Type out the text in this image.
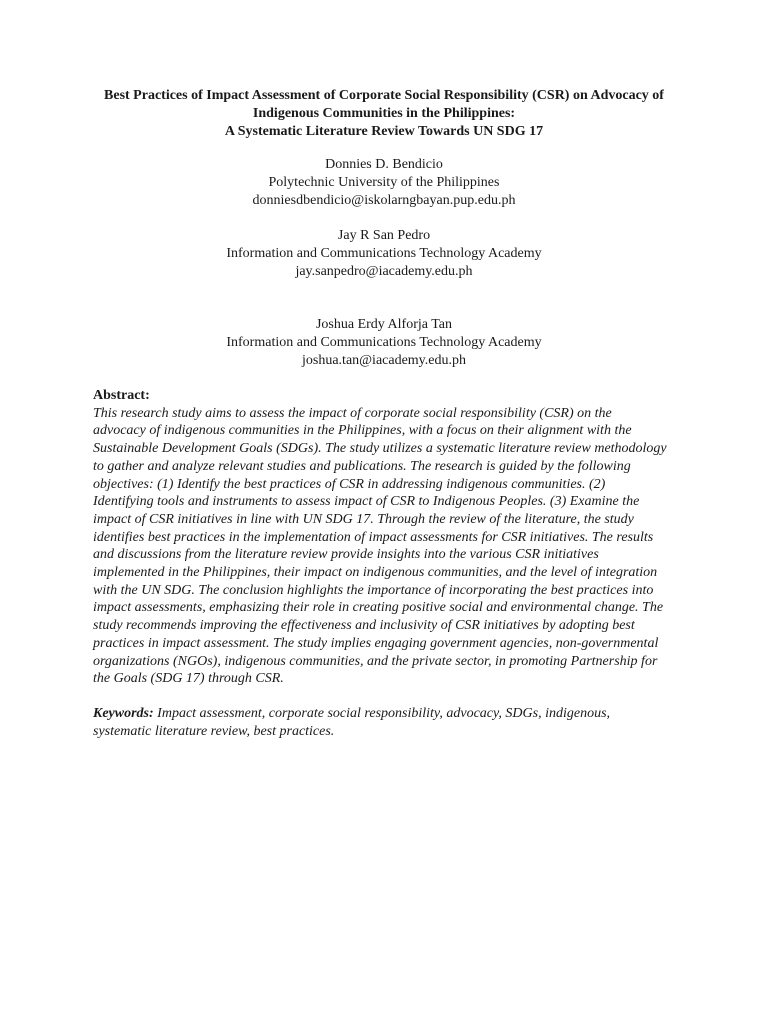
Best Practices of Impact Assessment of Corporate Social Responsibility (CSR) on Advocacy of
Indigenous Communities in the Philippines:
A Systematic Literature Review Towards UN SDG 17
Donnies D. Bendicio
Polytechnic University of the Philippines
donniesdbendicio@iskolarngbayan.pup.edu.ph
Jay R San Pedro
Information and Communications Technology Academy
jay.sanpedro@iacademy.edu.ph
Joshua Erdy Alforja Tan
Information and Communications Technology Academy
joshua.tan@iacademy.edu.ph
Abstract:
This research study aims to assess the impact of corporate social responsibility (CSR) on the
advocacy of indigenous communities in the Philippines, with a focus on their alignment with the
Sustainable Development Goals (SDGs). The study utilizes a systematic literature review methodology
to gather and analyze relevant studies and publications. The research is guided by the following
objectives: (1) Identify the best practices of CSR in addressing indigenous communities. (2)
Identifying tools and instruments to assess impact of CSR to Indigenous Peoples. (3) Examine the
impact of CSR initiatives in line with UN SDG 17. Through the review of the literature, the study
identifies best practices in the implementation of impact assessments for CSR initiatives. The results
and discussions from the literature review provide insights into the various CSR initiatives
implemented in the Philippines, their impact on indigenous communities, and the level of integration
with the UN SDG. The conclusion highlights the importance of incorporating the best practices into
impact assessments, emphasizing their role in creating positive social and environmental change. The
study recommends improving the effectiveness and inclusivity of CSR initiatives by adopting best
practices in impact assessment. The study implies engaging government agencies, non-governmental
organizations (NGOs), indigenous communities, and the private sector, in promoting Partnership for
the Goals (SDG 17) through CSR.
Keywords: Impact assessment, corporate social responsibility, advocacy, SDGs, indigenous,
systematic literature review, best practices.
